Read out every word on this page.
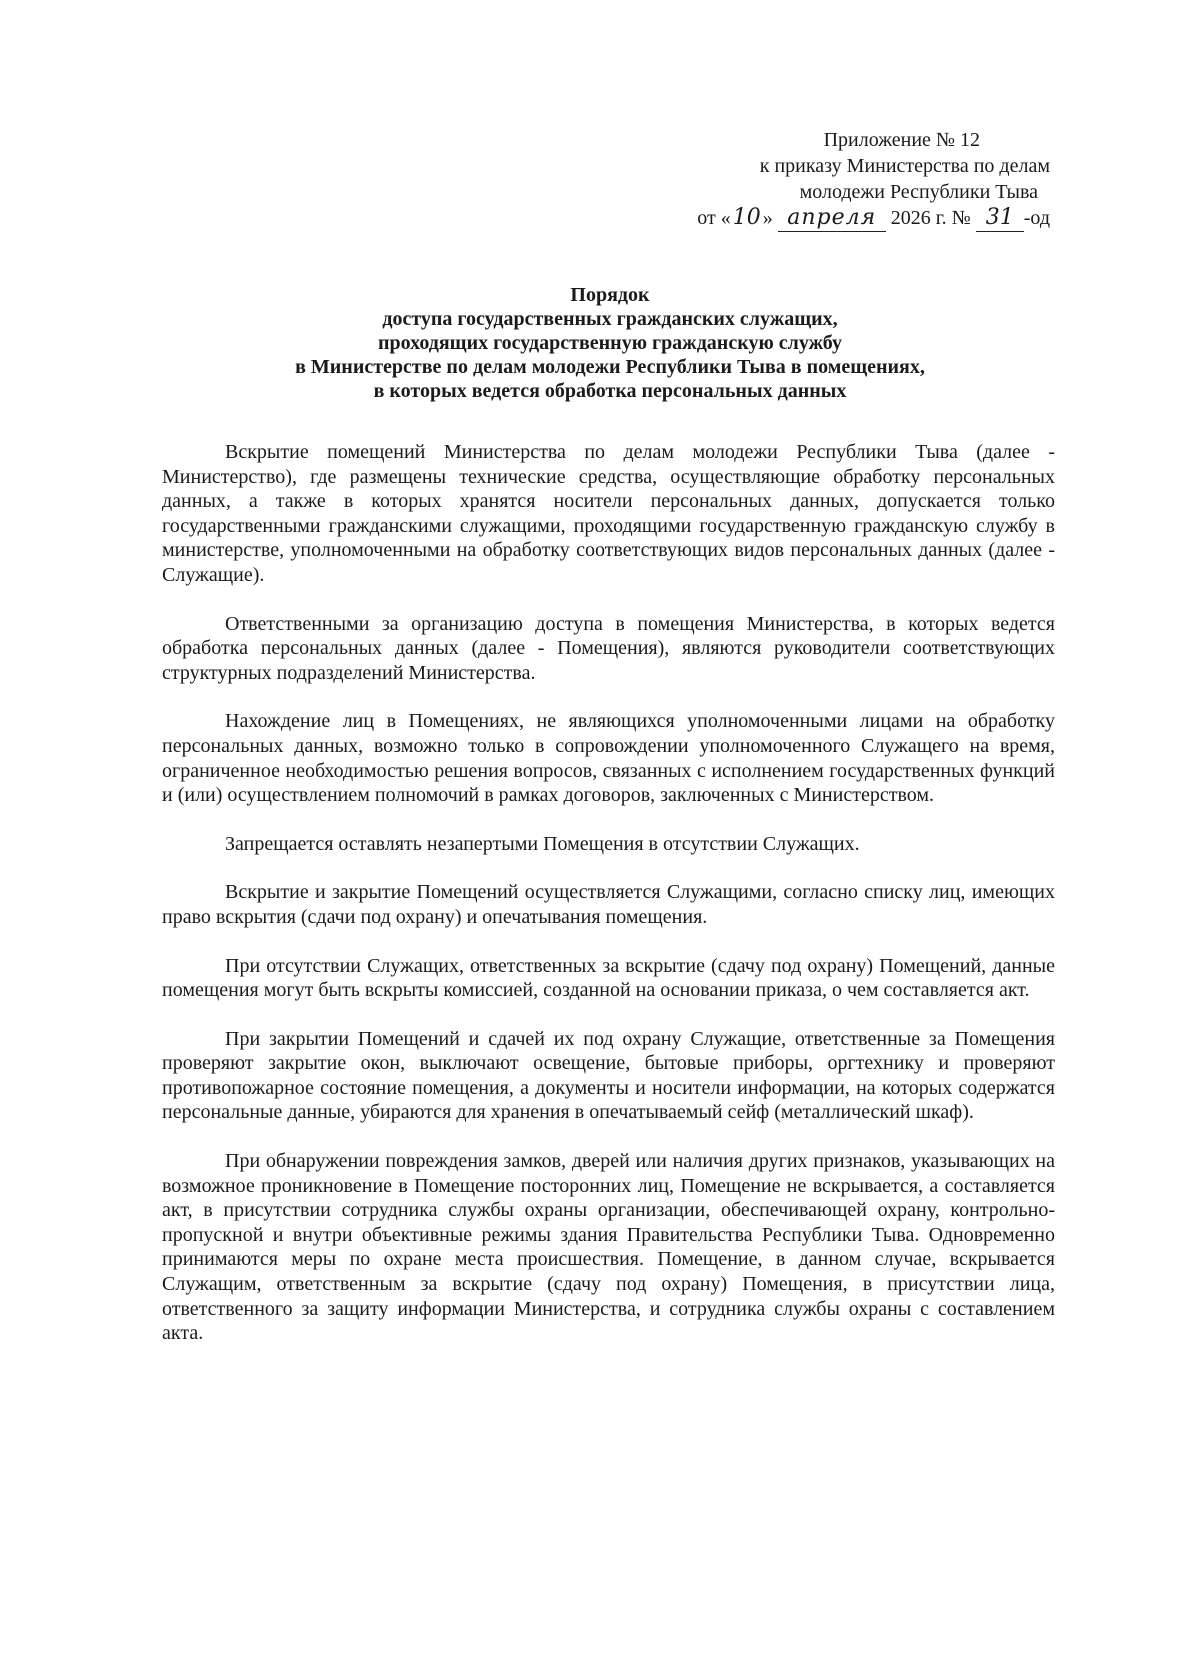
Приложение № 12
к приказу Министерства по делам
молодежи Республики Тыва
от «10 » апреля 2026 г. № 31 -од
Порядок
доступа государственных гражданских служащих,
проходящих государственную гражданскую службу
в Министерстве по делам молодежи Республики Тыва в помещениях,
в которых ведется обработка персональных данных

Вскрытие помещений Министерства по делам молодежи Республики Тыва (далее - Министерство), где размещены технические средства, осуществляющие обработку персональных данных, а также в которых хранятся носители персональных данных, допускается только государственными гражданскими служащими, проходящими государственную гражданскую службу в министерстве, уполномоченными на обработку соответствующих видов персональных данных (далее - Служащие).

Ответственными за организацию доступа в помещения Министерства, в которых ведется обработка персональных данных (далее - Помещения), являются руководители соответствующих структурных подразделений Министерства.

Нахождение лиц в Помещениях, не являющихся уполномоченными лицами на обработку персональных данных, возможно только в сопровождении уполномоченного Служащего на время, ограниченное необходимостью решения вопросов, связанных с исполнением государственных функций и (или) осуществлением полномочий в рамках договоров, заключенных с Министерством.

Запрещается оставлять незапертыми Помещения в отсутствии Служащих.

Вскрытие и закрытие Помещений осуществляется Служащими, согласно списку лиц, имеющих право вскрытия (сдачи под охрану) и опечатывания помещения.

При отсутствии Служащих, ответственных за вскрытие (сдачу под охрану) Помещений, данные помещения могут быть вскрыты комиссией, созданной на основании приказа, о чем составляется акт.

При закрытии Помещений и сдачей их под охрану Служащие, ответственные за Помещения проверяют закрытие окон, выключают освещение, бытовые приборы, оргтехнику и проверяют противопожарное состояние помещения, а документы и носители информации, на которых содержатся персональные данные, убираются для хранения в опечатываемый сейф (металлический шкаф).

При обнаружении повреждения замков, дверей или наличия других признаков, указывающих на возможное проникновение в Помещение посторонних лиц, Помещение не вскрывается, а составляется акт, в присутствии сотрудника службы охраны организации, обеспечивающей охрану, контрольно-пропускной и внутри объективные режимы здания Правительства Республики Тыва. Одновременно принимаются меры по охране места происшествия. Помещение, в данном случае, вскрывается Служащим, ответственным за вскрытие (сдачу под охрану) Помещения, в присутствии лица, ответственного за защиту информации Министерства, и сотрудника службы охраны с составлением акта.
